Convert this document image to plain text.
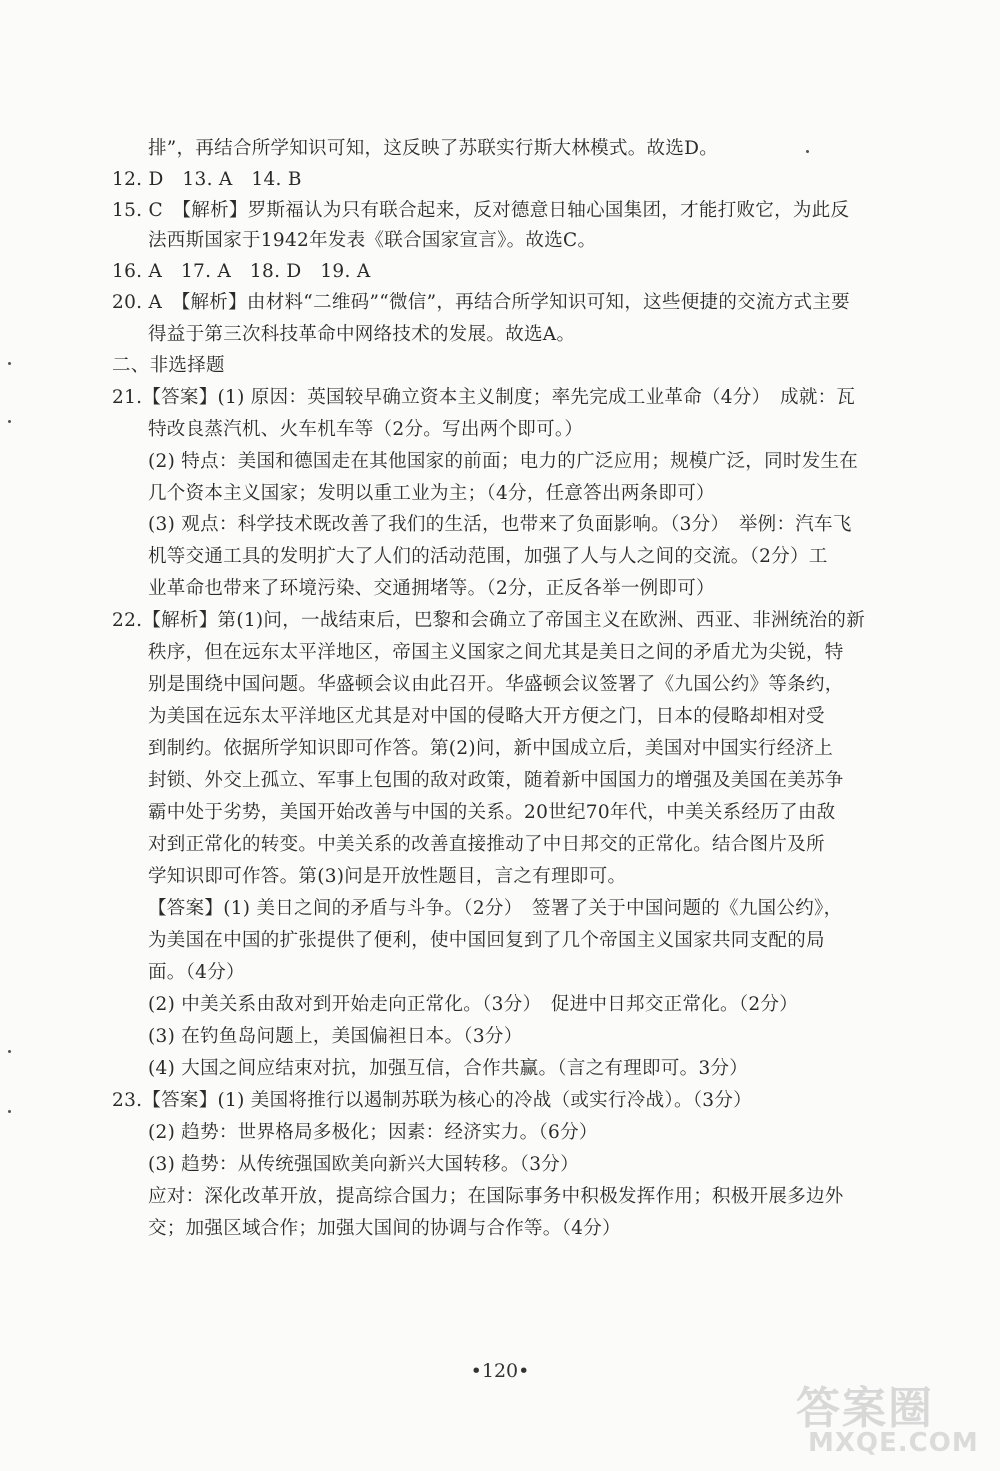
排”，再结合所学知识可知，这反映了苏联实行斯大林模式。故选D。
12. D　13. A　14. B
15. C　【解析】罗斯福认为只有联合起来，反对德意日轴心国集团，才能打败它，为此反
法西斯国家于1942年发表《联合国家宣言》。故选C。
16. A　17. A　18. D　19. A
20. A　【解析】由材料“二维码”“微信”，再结合所学知识可知，这些便捷的交流方式主要
得益于第三次科技革命中网络技术的发展。故选A。
二、非选择题
21.【答案】(1) 原因：英国较早确立资本主义制度；率先完成工业革命（4分）　成就：瓦
特改良蒸汽机、火车机车等（2分。写出两个即可。）
(2) 特点：美国和德国走在其他国家的前面；电力的广泛应用；规模广泛，同时发生在
几个资本主义国家；发明以重工业为主；（4分，任意答出两条即可）
(3) 观点：科学技术既改善了我们的生活，也带来了负面影响。（3分）　举例：汽车飞
机等交通工具的发明扩大了人们的活动范围，加强了人与人之间的交流。（2分）工
业革命也带来了环境污染、交通拥堵等。（2分，正反各举一例即可）
22.【解析】第(1)问，一战结束后，巴黎和会确立了帝国主义在欧洲、西亚、非洲统治的新
秩序，但在远东太平洋地区，帝国主义国家之间尤其是美日之间的矛盾尤为尖锐，特
别是围绕中国问题。华盛顿会议由此召开。华盛顿会议签署了《九国公约》等条约，
为美国在远东太平洋地区尤其是对中国的侵略大开方便之门，日本的侵略却相对受
到制约。依据所学知识即可作答。第(2)问，新中国成立后，美国对中国实行经济上
封锁、外交上孤立、军事上包围的敌对政策，随着新中国国力的增强及美国在美苏争
霸中处于劣势，美国开始改善与中国的关系。20世纪70年代，中美关系经历了由敌
对到正常化的转变。中美关系的改善直接推动了中日邦交的正常化。结合图片及所
学知识即可作答。第(3)问是开放性题目，言之有理即可。
【答案】(1) 美日之间的矛盾与斗争。（2分）　签署了关于中国问题的《九国公约》，
为美国在中国的扩张提供了便利，使中国回复到了几个帝国主义国家共同支配的局
面。（4分）
(2) 中美关系由敌对到开始走向正常化。（3分）　促进中日邦交正常化。（2分）
(3) 在钓鱼岛问题上，美国偏袒日本。（3分）
(4) 大国之间应结束对抗，加强互信，合作共赢。（言之有理即可。3分）
23.【答案】(1) 美国将推行以遏制苏联为核心的冷战（或实行冷战）。（3分）
(2) 趋势：世界格局多极化；因素：经济实力。（6分）
(3) 趋势：从传统强国欧美向新兴大国转移。（3分）
应对：深化改革开放，提高综合国力；在国际事务中积极发挥作用；积极开展多边外
交；加强区域合作；加强大国间的协调与合作等。（4分）
•120•
答案圈
MXQE.COM
